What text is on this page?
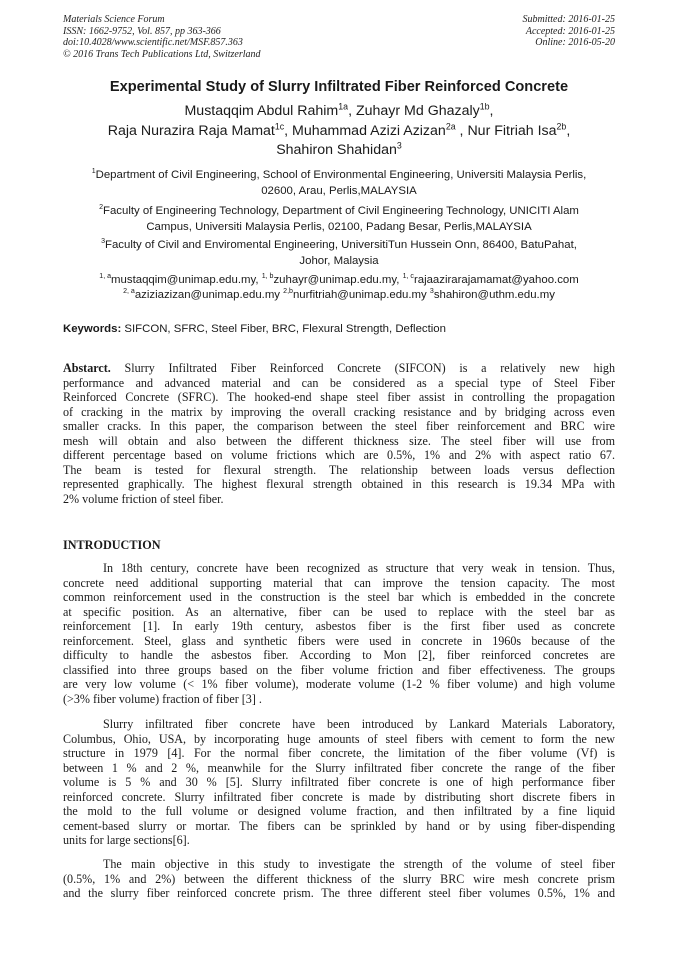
Materials Science Forum
ISSN: 1662-9752, Vol. 857, pp 363-366
doi:10.4028/www.scientific.net/MSF.857.363
© 2016 Trans Tech Publications Ltd, Switzerland
Submitted: 2016-01-25
Accepted: 2016-01-25
Online: 2016-05-20
Experimental Study of Slurry Infiltrated Fiber Reinforced Concrete
Mustaqqim Abdul Rahim$^{1a}$, Zuhayr Md Ghazaly$^{1b}$,
Raja Nurazira Raja Mamat$^{1c}$, Muhammad Azizi Azizan$^{2a}$ , Nur Fitriah Isa$^{2b}$,
Shahiron Shahidan$^3$
$^1$Department of Civil Engineering, School of Environmental Engineering, Universiti Malaysia Perlis,
02600, Arau, Perlis,MALAYSIA
$^2$Faculty of Engineering Technology, Department of Civil Engineering Technology, UNICITI Alam
Campus, Universiti Malaysia Perlis, 02100, Padang Besar, Perlis,MALAYSIA
$^3$Faculty of Civil and Enviromental Engineering, UniversitiTun Hussein Onn, 86400, BatuPahat,
Johor, Malaysia
$^{1, a}$mustaqqim@unimap.edu.my, $^{1, b}$zuhayr@unimap.edu.my, $^{1, c}$rajaazirarajamamat@yahoo.com
$^{2, a}$aziziazizan@unimap.edu.my $^{2,b}$nurfitriah@unimap.edu.my $^3$shahiron@uthm.edu.my
Keywords: SIFCON, SFRC, Steel Fiber, BRC, Flexural Strength, Deflection
Abstarct. Slurry Infiltrated Fiber Reinforced Concrete (SIFCON) is a relatively new high
performance and advanced material and can be considered as a special type of Steel Fiber
Reinforced Concrete (SFRC). The hooked-end shape steel fiber assist in controlling the propagation
of cracking in the matrix by improving the overall cracking resistance and by bridging across even
smaller cracks. In this paper, the comparison between the steel fiber reinforcement and BRC wire
mesh will obtain and also between the different thickness size. The steel fiber will use from
different percentage based on volume frictions which are 0.5%, 1% and 2% with aspect ratio 67.
The beam is tested for flexural strength. The relationship between loads versus deflection
represented graphically. The highest flexural strength obtained in this research is 19.34 MPa with
2% volume friction of steel fiber.
INTRODUCTION
In 18th century, concrete have been recognized as structure that very weak in tension. Thus,
concrete need additional supporting material that can improve the tension capacity. The most
common reinforcement used in the construction is the steel bar which is embedded in the concrete
at specific position. As an alternative, fiber can be used to replace with the steel bar as
reinforcement [1]. In early 19th century, asbestos fiber is the first fiber used as concrete
reinforcement. Steel, glass and synthetic fibers were used in concrete in 1960s because of the
difficulty to handle the asbestos fiber. According to Mon [2], fiber reinforced concretes are
classified into three groups based on the fiber volume friction and fiber effectiveness. The groups
are very low volume (< 1% fiber volume), moderate volume (1-2 % fiber volume) and high volume
(>3% fiber volume) fraction of fiber [3] .
Slurry infiltrated fiber concrete have been introduced by Lankard Materials Laboratory,
Columbus, Ohio, USA, by incorporating huge amounts of steel fibers with cement to form the new
structure in 1979 [4]. For the normal fiber concrete, the limitation of the fiber volume (Vf) is
between 1 % and 2 %, meanwhile for the Slurry infiltrated fiber concrete the range of the fiber
volume is 5 % and 30 % [5]. Slurry infiltrated fiber concrete is one of high performance fiber
reinforced concrete. Slurry infiltrated fiber concrete is made by distributing short discrete fibers in
the mold to the full volume or designed volume fraction, and then infiltrated by a fine liquid
cement-based slurry or mortar. The fibers can be sprinkled by hand or by using fiber-dispending
units for large sections[6].
The main objective in this study to investigate the strength of the volume of steel fiber
(0.5%, 1% and 2%) between the different thickness of the slurry BRC wire mesh concrete prism
and the slurry fiber reinforced concrete prism. The three different steel fiber volumes 0.5%, 1% and
